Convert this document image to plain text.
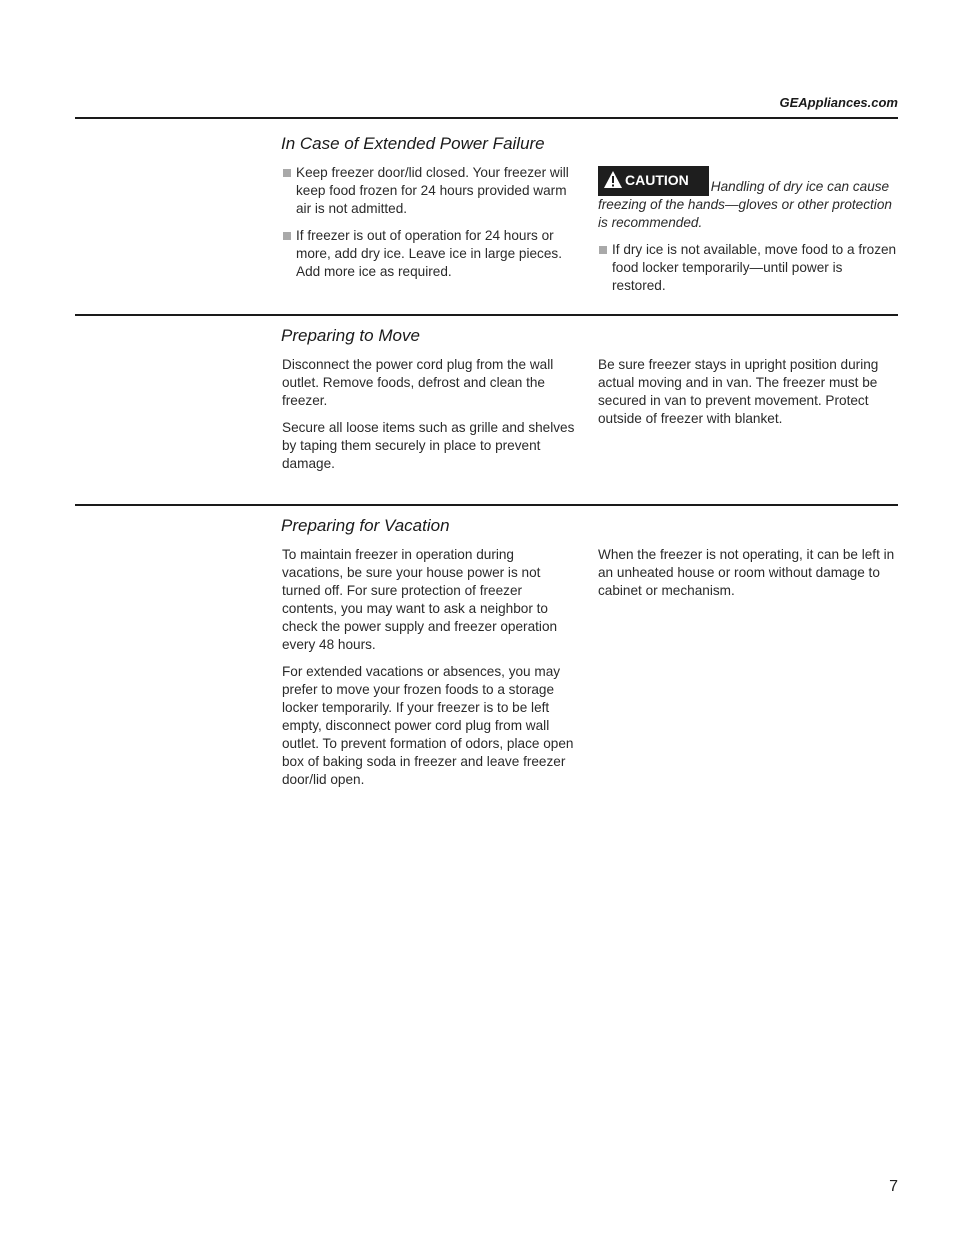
GEAppliances.com
In Case of Extended Power Failure
Keep freezer door/lid closed. Your freezer will keep food frozen for 24 hours provided warm air is not admitted.
If freezer is out of operation for 24 hours or more, add dry ice. Leave ice in large pieces. Add more ice as required.

CAUTION Handling of dry ice can cause freezing of the hands—gloves or other protection is recommended.

If dry ice is not available, move food to a frozen food locker temporarily—until power is restored.
Preparing to Move

Disconnect the power cord plug from the wall outlet. Remove foods, defrost and clean the freezer.

Secure all loose items such as grille and shelves by taping them securely in place to prevent damage.

Be sure freezer stays in upright position during actual moving and in van. The freezer must be secured in van to prevent movement. Protect outside of freezer with blanket.

Preparing for Vacation

To maintain freezer in operation during vacations, be sure your house power is not turned off. For sure protection of freezer contents, you may want to ask a neighbor to check the power supply and freezer operation every 48 hours.

For extended vacations or absences, you may prefer to move your frozen foods to a storage locker temporarily. If your freezer is to be left empty, disconnect power cord plug from wall outlet. To prevent formation of odors, place open box of baking soda in freezer and leave freezer door/lid open.

When the freezer is not operating, it can be left in an unheated house or room without damage to cabinet or mechanism.

7
